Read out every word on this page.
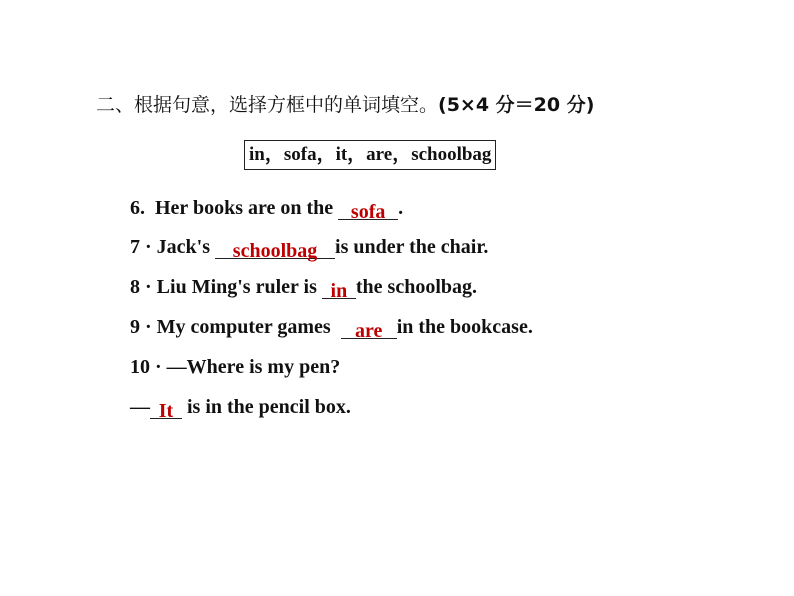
二、根据句意，选择方框中的单词填空。(5×4 分＝20 分)
in，sofa，it，are，schoolbag
6. Her books are on the sofa .
7 · Jack's schoolbag is under the chair.
8 · Liu Ming's ruler is in the schoolbag.
9 · My computer games are in the bookcase.
10 · —Where is my pen?
— It is in the pencil box.
